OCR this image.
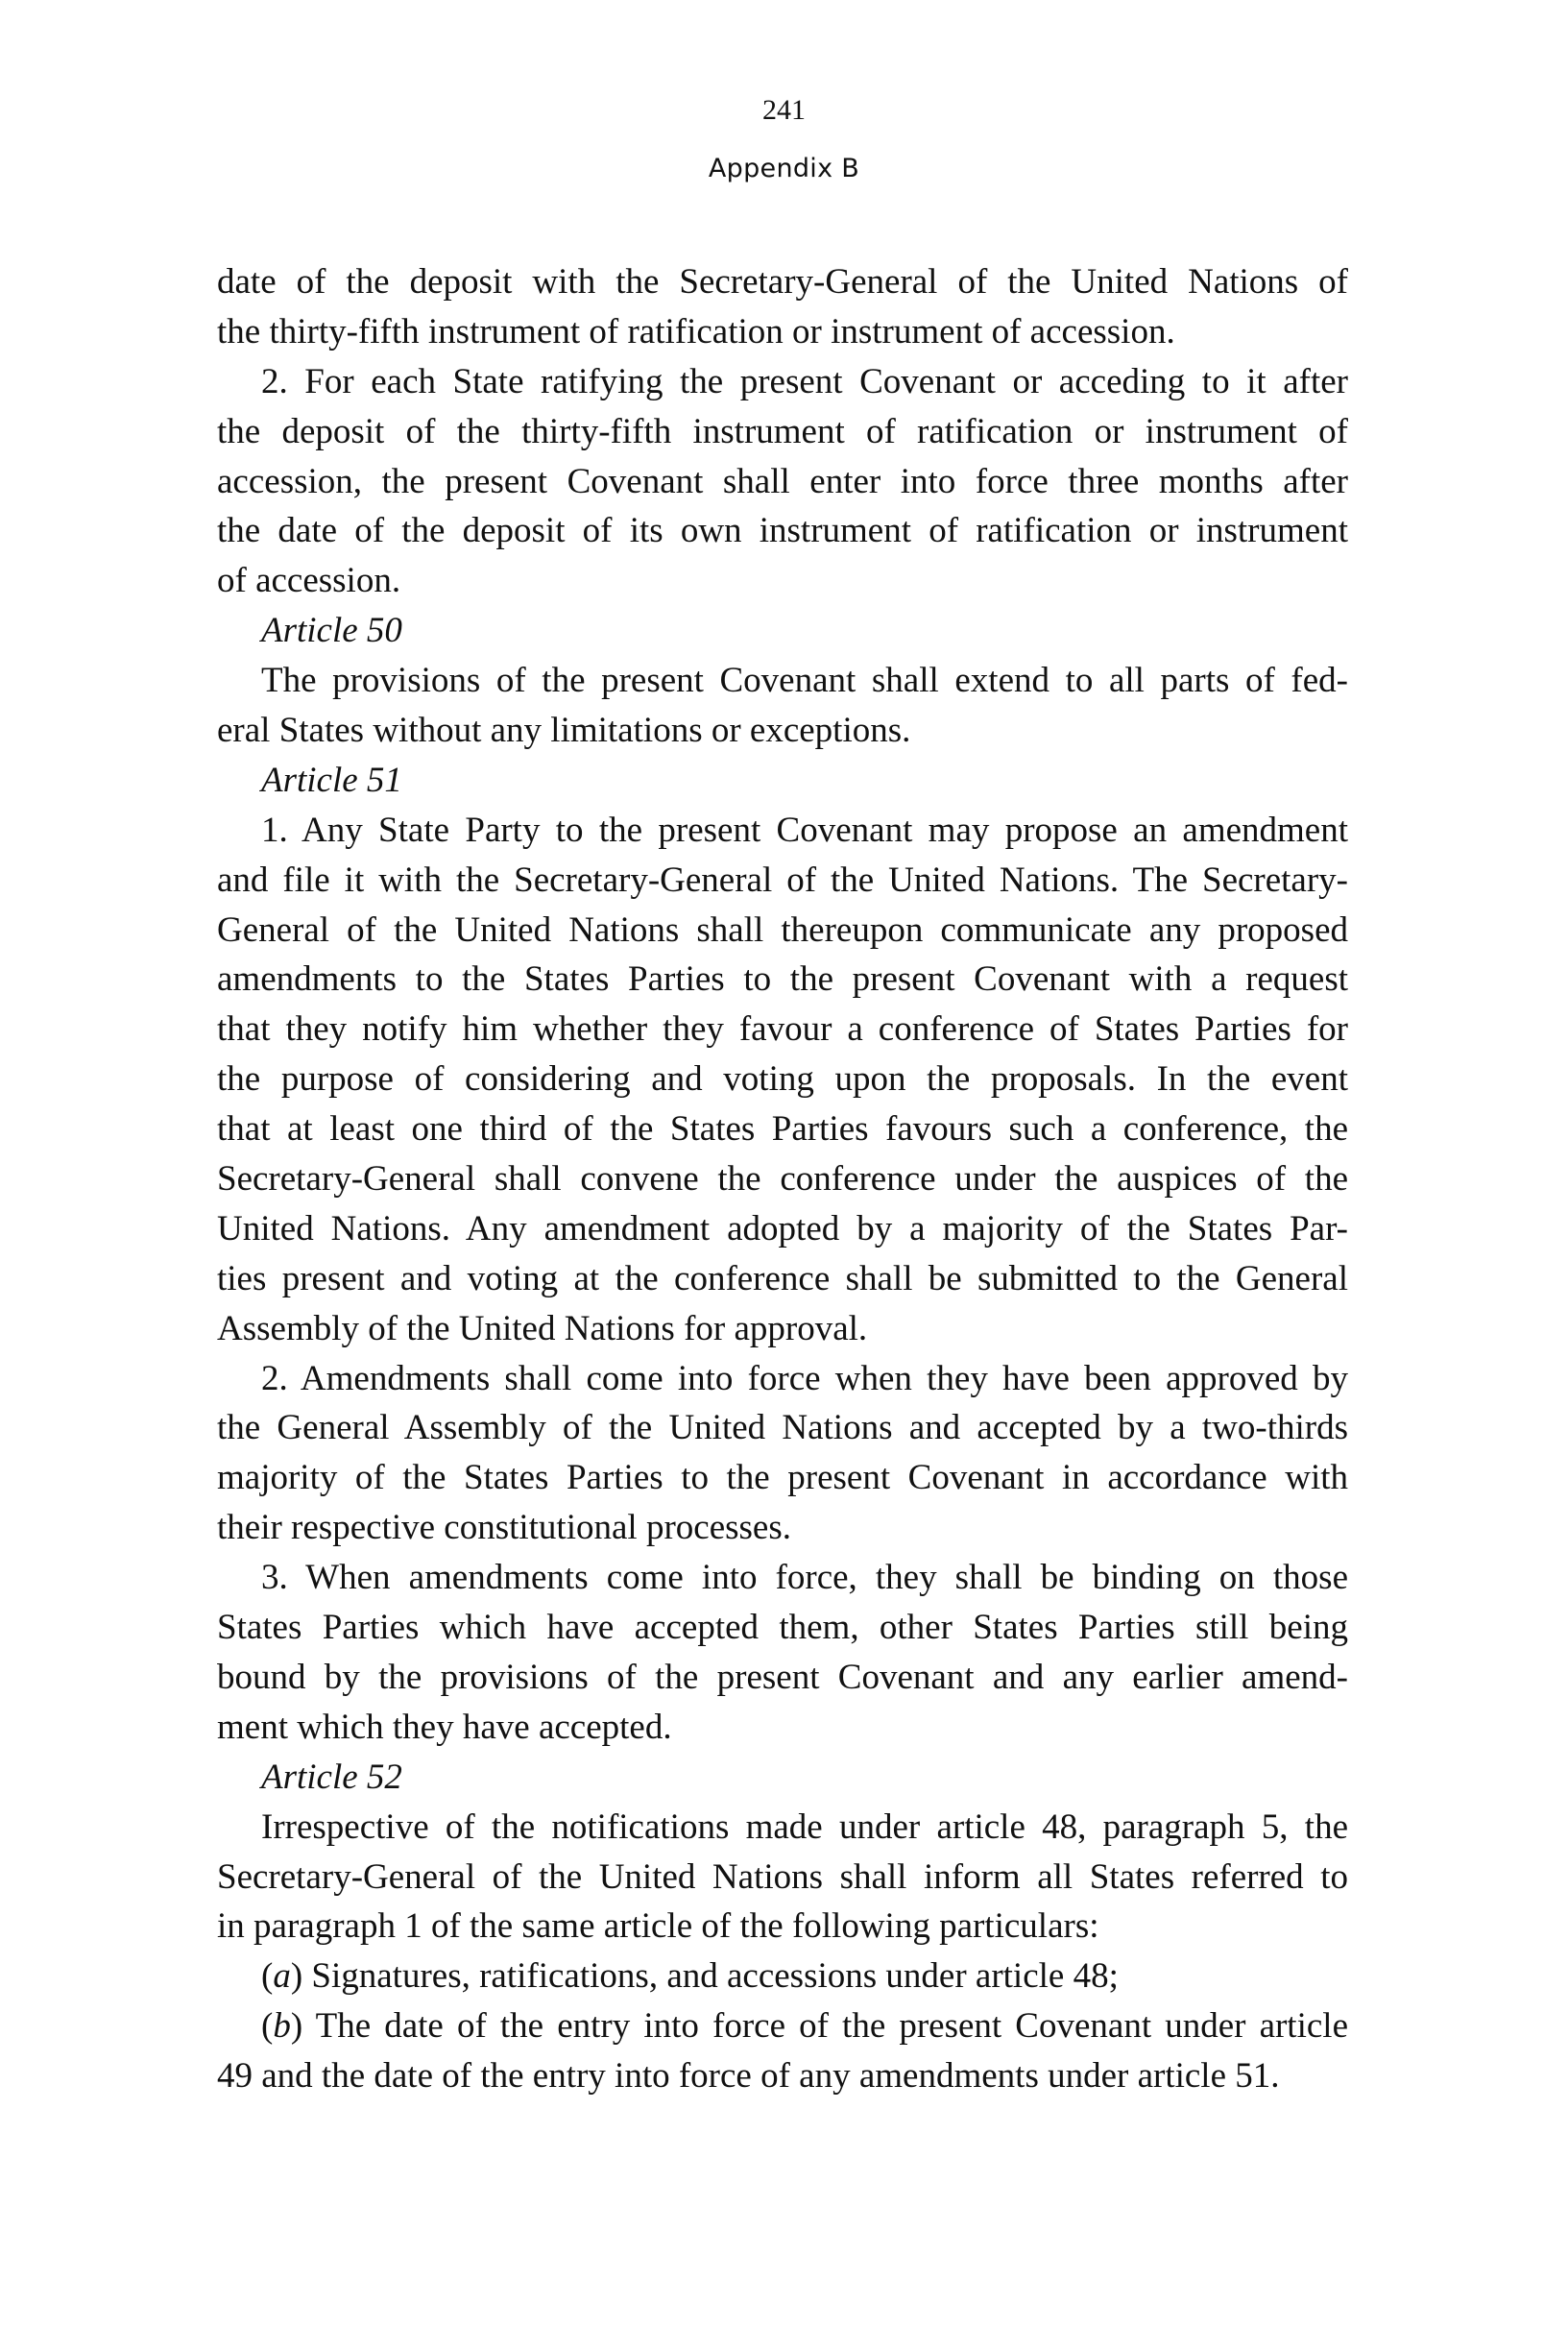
241
Appendix B
date of the deposit with the Secretary-General of the United Nations of
the thirty-fifth instrument of ratification or instrument of accession.
2. For each State ratifying the present Covenant or acceding to it after
the deposit of the thirty-fifth instrument of ratification or instrument of
accession, the present Covenant shall enter into force three months after
the date of the deposit of its own instrument of ratification or instrument
of accession.
Article 50
The provisions of the present Covenant shall extend to all parts of fed-
eral States without any limitations or exceptions.
Article 51
1. Any State Party to the present Covenant may propose an amendment
and file it with the Secretary-General of the United Nations. The Secretary-
General of the United Nations shall thereupon communicate any proposed
amendments to the States Parties to the present Covenant with a request
that they notify him whether they favour a conference of States Parties for
the purpose of considering and voting upon the proposals. In the event
that at least one third of the States Parties favours such a conference, the
Secretary-General shall convene the conference under the auspices of the
United Nations. Any amendment adopted by a majority of the States Par-
ties present and voting at the conference shall be submitted to the General
Assembly of the United Nations for approval.
2. Amendments shall come into force when they have been approved by
the General Assembly of the United Nations and accepted by a two-thirds
majority of the States Parties to the present Covenant in accordance with
their respective constitutional processes.
3. When amendments come into force, they shall be binding on those
States Parties which have accepted them, other States Parties still being
bound by the provisions of the present Covenant and any earlier amend-
ment which they have accepted.
Article 52
Irrespective of the notifications made under article 48, paragraph 5, the
Secretary-General of the United Nations shall inform all States referred to
in paragraph 1 of the same article of the following particulars:
(a) Signatures, ratifications, and accessions under article 48;
(b) The date of the entry into force of the present Covenant under article
49 and the date of the entry into force of any amendments under article 51.
